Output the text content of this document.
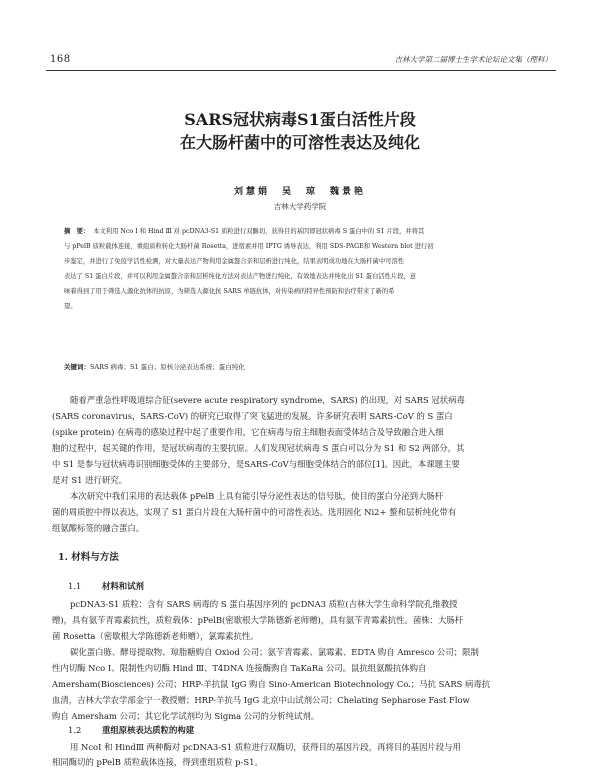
168	吉林大学第二届博士生学术论坛论文集（理科）
SARS冠状病毒S1蛋白活性片段
在大肠杆菌中的可溶性表达及纯化
刘慧娟　吴　琼　魏景艳
吉林大学药学院
摘　要： 本文利用 Nco I 和 Hind Ⅲ 对 pcDNA3-S1 质粒进行双酶切，获得目的基因即冠状病毒 S 蛋白中的 S1 片段，并将其
与 pPelB 质粒载体连接，重组质粒转化大肠杆菌 Rosetta，进宿素并用 IPTG 诱导表达，利用 SDS-PAGE和 Western blot 进行初
步鉴定，并进行了免疫学活性检测，对大量表达产物利用金属螯合亲和层析进行纯化，结果表明成功地在大肠杆菌中可溶性
表达了 S1 蛋白片段，并可以利用金属螯合亲和层析纯化方法对表达产物进行纯化，有效地表达并纯化出 S1 蛋白活性片段，意
味着得到了用于筛选人源化抗体的抗原，为筛选人源化抗 SARS 单链抗体，对传染病的特异性预防和治疗带来了新的希
望。
关键词：SARS 病毒；S1 蛋白；原核分泌表达系统；蛋白纯化
随着严重急性呼吸道综合征(severe acute respiratory syndrome，SARS) 的出现，对 SARS 冠状病毒
(SARS coronavirus，SARS-CoV) 的研究已取得了突飞猛进的发展。许多研究表明 SARS-CoV 的 S 蛋白
(spike protein) 在病毒的感染过程中起了重要作用，它在病毒与宿主细胞表面受体结合及导致融合进入细
胞的过程中，起关键的作用，是冠状病毒的主要抗原。人们发现冠状病毒 S 蛋白可以分为 S1 和 S2 两部分，其
中 S1 是参与冠状病毒识别细胞受体的主要部分，是SARS-CoV与细胞受体结合的部位[1]。因此，本课题主要
是对 S1 进行研究。
本次研究中我们采用的表达载体 pPelB 上具有能引导分泌性表达的信号肽，使目的蛋白分泌到大肠杆
菌的周质腔中得以表达，实现了 S1 蛋白片段在大肠杆菌中的可溶性表达。选用固化 Ni2+ 螯和层析纯化带有
组氨酸标签的融合蛋白。
1. 材料与方法
1.1 材料和试剂
pcDNA3-S1 质粒：含有 SARS 病毒的 S 蛋白基因序列的 pcDNA3 质粒(吉林大学生命科学院孔维教授
赠)，具有氨苄青霉素抗性，质粒载体：pPelB(密歇根大学陈德新老师赠)，具有氨苄青霉素抗性。菌株：大肠杆
菌 Rosetta（密歇根大学陈德新老师赠），氯霉素抗性。
碳化蛋白胨、酵母提取物、琼脂糖购自 Oxiod 公司；氨苄青霉素、氯霉素、EDTA 购自 Amresco 公司；限制
性内切酶 Nco I、限制性内切酶 Hind Ⅲ、T4DNA 连接酶购自 TaKaRa 公司。鼠抗组氨酸抗体购自
Amersham(Biosciences) 公司；HRP-羊抗鼠 IgG 购自 Sino-American Biotechnology Co.；马抗 SARS 病毒抗
血清，吉林大学农学部金宁一教授赠；HRP-羊抗马 IgG 北京中山试剂公司；Chelating Sepharose Fast Flow
购自 Amersham 公司；其它化学试剂均为 Sigma 公司的分析纯试剂。
1.2 重组原核表达质粒的构建
用 NcoI 和 HindⅢ 两种酶对 pcDNA3-S1 质粒进行双酶切，获得目的基因片段，再将目的基因片段与用
相同酶切的 pPelB 质粒载体连接，得到重组质粒 p-S1。
